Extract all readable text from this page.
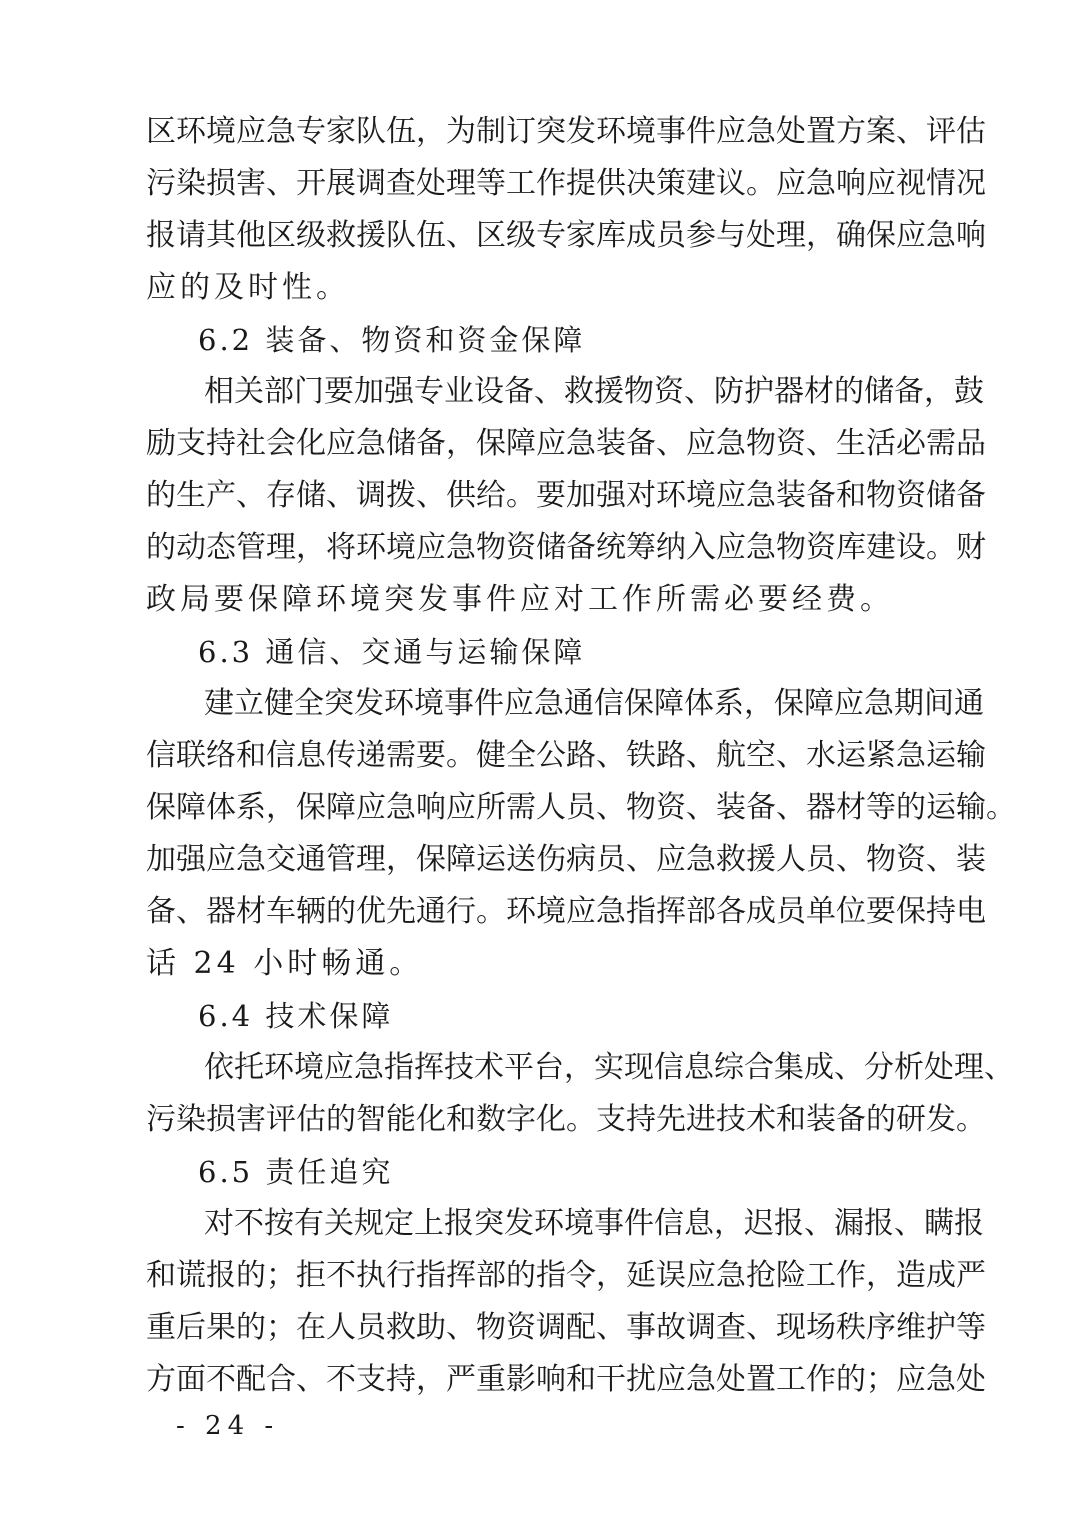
区环境应急专家队伍，为制订突发环境事件应急处置方案、评估
污染损害、开展调查处理等工作提供决策建议。应急响应视情况
报请其他区级救援队伍、区级专家库成员参与处理，确保应急响
应的及时性。
6.2 装备、物资和资金保障
相关部门要加强专业设备、救援物资、防护器材的储备，鼓
励支持社会化应急储备，保障应急装备、应急物资、生活必需品
的生产、存储、调拨、供给。要加强对环境应急装备和物资储备
的动态管理，将环境应急物资储备统筹纳入应急物资库建设。财
政局要保障环境突发事件应对工作所需必要经费。
6.3 通信、交通与运输保障
建立健全突发环境事件应急通信保障体系，保障应急期间通
信联络和信息传递需要。健全公路、铁路、航空、水运紧急运输
保障体系，保障应急响应所需人员、物资、装备、器材等的运输。
加强应急交通管理，保障运送伤病员、应急救援人员、物资、装
备、器材车辆的优先通行。环境应急指挥部各成员单位要保持电
话 24 小时畅通。
6.4 技术保障
依托环境应急指挥技术平台，实现信息综合集成、分析处理、
污染损害评估的智能化和数字化。支持先进技术和装备的研发。
6.5 责任追究
对不按有关规定上报突发环境事件信息，迟报、漏报、瞒报
和谎报的；拒不执行指挥部的指令，延误应急抢险工作，造成严
重后果的；在人员救助、物资调配、事故调查、现场秩序维护等
方面不配合、不支持，严重影响和干扰应急处置工作的；应急处
- 24 -
